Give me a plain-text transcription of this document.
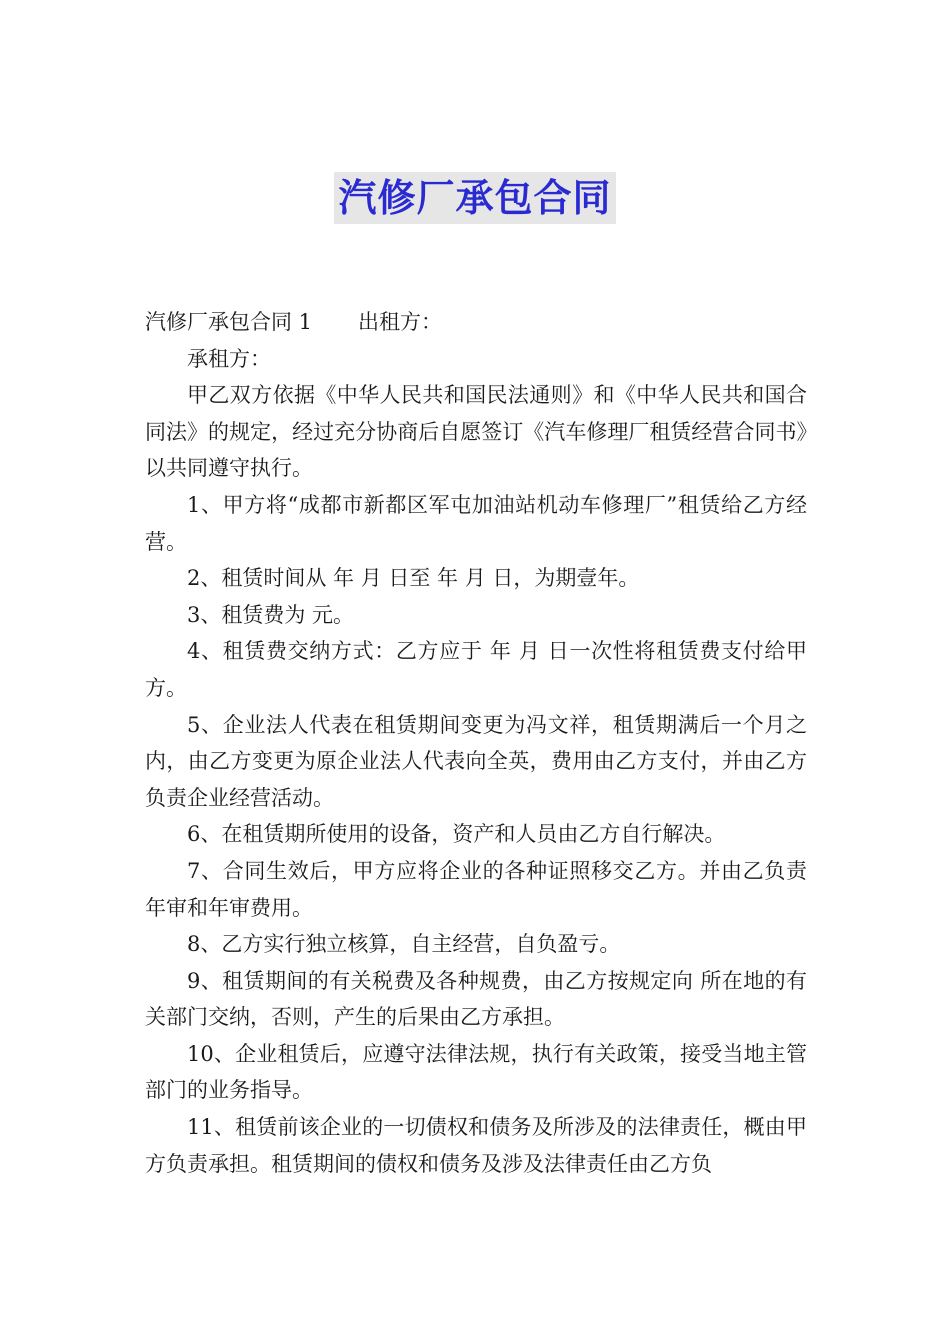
汽修厂承包合同

汽修厂承包合同 1 出租方：

承租方：

甲乙双方依据《中华人民共和国民法通则》和《中华人民共和国合同法》的规定，经过充分协商后自愿签订《汽车修理厂租赁经营合同书》以共同遵守执行。

1、甲方将“成都市新都区军屯加油站机动车修理厂”租赁给乙方经营。

2、租赁时间从 年 月 日至 年 月 日，为期壹年。

3、租赁费为 元。

4、租赁费交纳方式：乙方应于 年 月 日一次性将租赁费支付给甲方。

5、企业法人代表在租赁期间变更为冯文祥，租赁期满后一个月之内，由乙方变更为原企业法人代表向全英，费用由乙方支付，并由乙方负责企业经营活动。

6、在租赁期所使用的设备，资产和人员由乙方自行解决。

7、合同生效后，甲方应将企业的各种证照移交乙方。并由乙负责年审和年审费用。

8、乙方实行独立核算，自主经营，自负盈亏。

9、租赁期间的有关税费及各种规费，由乙方按规定向 所在地的有关部门交纳，否则，产生的后果由乙方承担。

10、企业租赁后，应遵守法律法规，执行有关政策，接受当地主管部门的业务指导。

11、租赁前该企业的一切债权和债务及所涉及的法律责任，概由甲方负责承担。租赁期间的债权和债务及涉及法律责任由乙方负
